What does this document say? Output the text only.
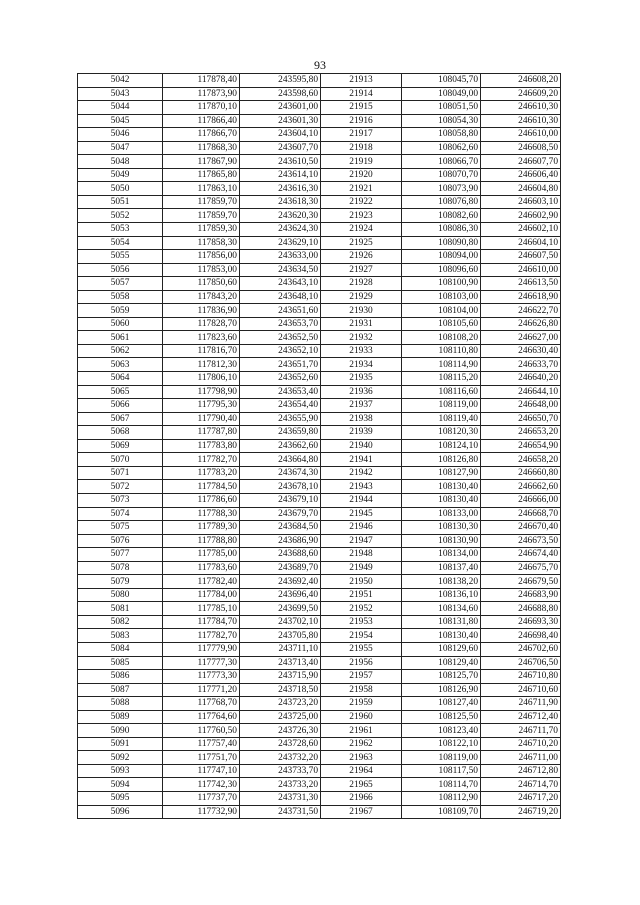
93
5042	117878,40	243595,80	21913	108045,70	246608,20
5043	117873,90	243598,60	21914	108049,00	246609,20
5044	117870,10	243601,00	21915	108051,50	246610,30
5045	117866,40	243601,30	21916	108054,30	246610,30
5046	117866,70	243604,10	21917	108058,80	246610,00
5047	117868,30	243607,70	21918	108062,60	246608,50
5048	117867,90	243610,50	21919	108066,70	246607,70
5049	117865,80	243614,10	21920	108070,70	246606,40
5050	117863,10	243616,30	21921	108073,90	246604,80
5051	117859,70	243618,30	21922	108076,80	246603,10
5052	117859,70	243620,30	21923	108082,60	246602,90
5053	117859,30	243624,30	21924	108086,30	246602,10
5054	117858,30	243629,10	21925	108090,80	246604,10
5055	117856,00	243633,00	21926	108094,00	246607,50
5056	117853,00	243634,50	21927	108096,60	246610,00
5057	117850,60	243643,10	21928	108100,90	246613,50
5058	117843,20	243648,10	21929	108103,00	246618,90
5059	117836,90	243651,60	21930	108104,00	246622,70
5060	117828,70	243653,70	21931	108105,60	246626,80
5061	117823,60	243652,50	21932	108108,20	246627,00
5062	117816,70	243652,10	21933	108110,80	246630,40
5063	117812,30	243651,70	21934	108114,90	246633,70
5064	117806,10	243652,60	21935	108115,20	246640,20
5065	117798,90	243653,40	21936	108116,60	246644,10
5066	117795,30	243654,40	21937	108119,00	246648,00
5067	117790,40	243655,90	21938	108119,40	246650,70
5068	117787,80	243659,80	21939	108120,30	246653,20
5069	117783,80	243662,60	21940	108124,10	246654,90
5070	117782,70	243664,80	21941	108126,80	246658,20
5071	117783,20	243674,30	21942	108127,90	246660,80
5072	117784,50	243678,10	21943	108130,40	246662,60
5073	117786,60	243679,10	21944	108130,40	246666,00
5074	117788,30	243679,70	21945	108133,00	246668,70
5075	117789,30	243684,50	21946	108130,30	246670,40
5076	117788,80	243686,90	21947	108130,90	246673,50
5077	117785,00	243688,60	21948	108134,00	246674,40
5078	117783,60	243689,70	21949	108137,40	246675,70
5079	117782,40	243692,40	21950	108138,20	246679,50
5080	117784,00	243696,40	21951	108136,10	246683,90
5081	117785,10	243699,50	21952	108134,60	246688,80
5082	117784,70	243702,10	21953	108131,80	246693,30
5083	117782,70	243705,80	21954	108130,40	246698,40
5084	117779,90	243711,10	21955	108129,60	246702,60
5085	117777,30	243713,40	21956	108129,40	246706,50
5086	117773,30	243715,90	21957	108125,70	246710,80
5087	117771,20	243718,50	21958	108126,90	246710,60
5088	117768,70	243723,20	21959	108127,40	246711,90
5089	117764,60	243725,00	21960	108125,50	246712,40
5090	117760,50	243726,30	21961	108123,40	246711,70
5091	117757,40	243728,60	21962	108122,10	246710,20
5092	117751,70	243732,20	21963	108119,00	246711,00
5093	117747,10	243733,70	21964	108117,50	246712,80
5094	117742,30	243733,20	21965	108114,70	246714,70
5095	117737,70	243731,30	21966	108112,90	246717,20
5096	117732,90	243731,50	21967	108109,70	246719,20
